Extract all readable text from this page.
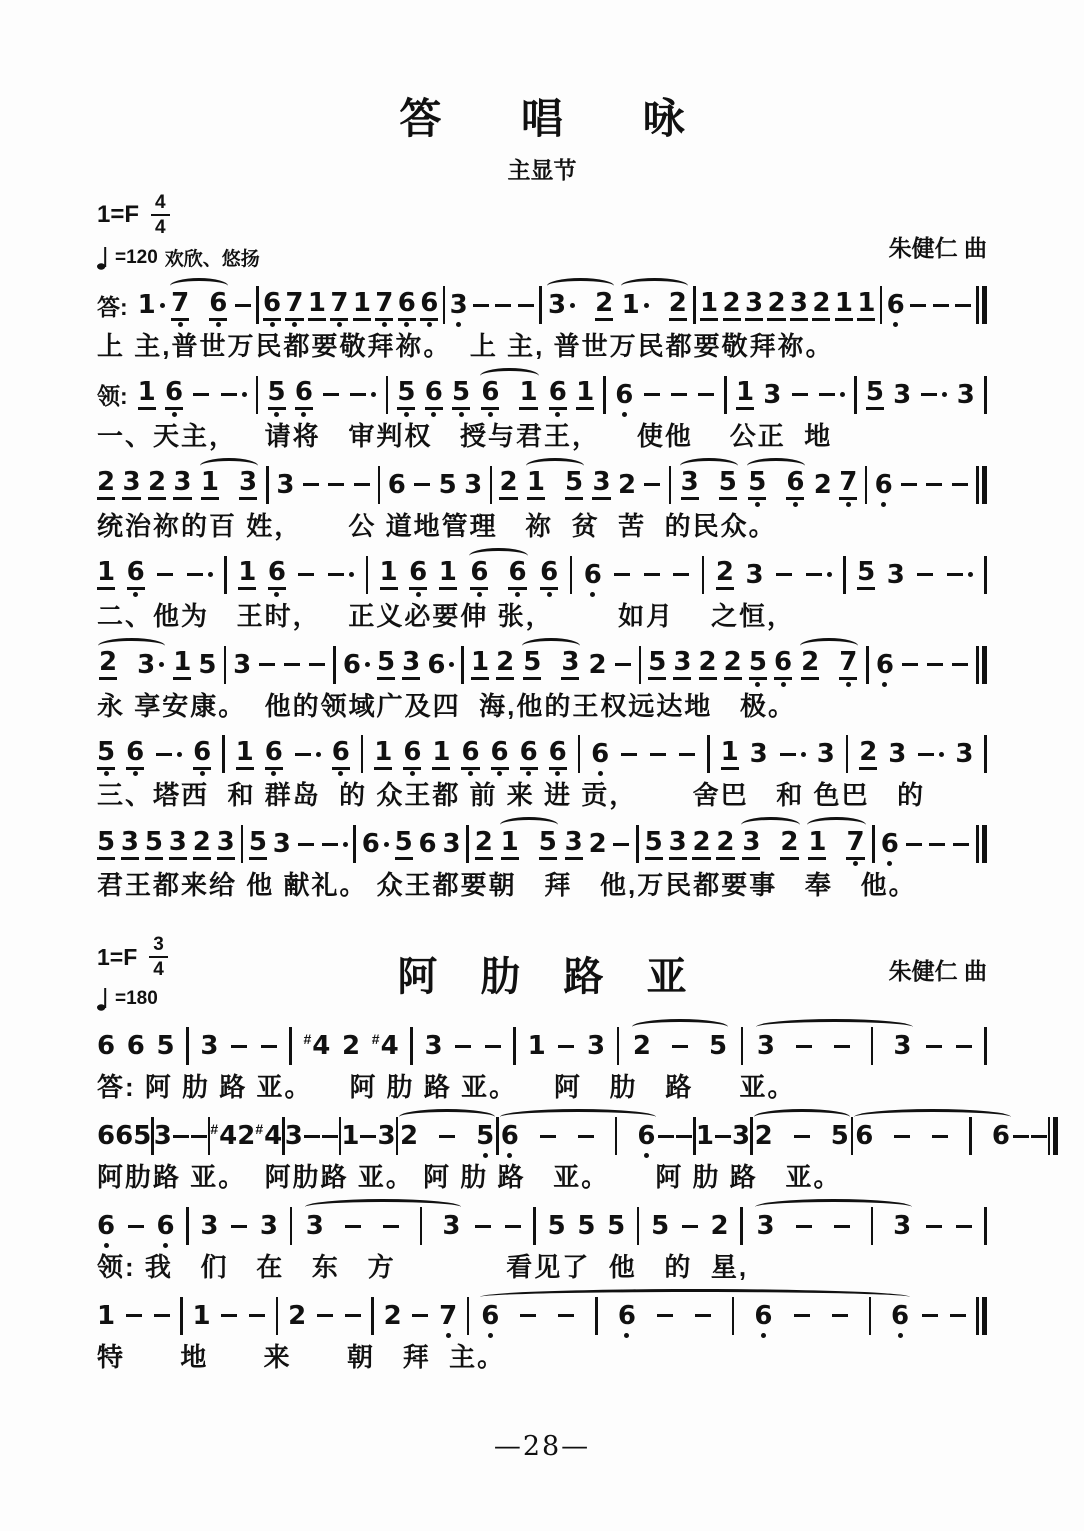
答 唱 咏
主显节
$1=F \frac{4}{4}$
=120 欢欣、悠扬	朱健仁 曲
答: 1 7 6 6 7 1 7 1 7 6 6 3	3 2 1 2 1 2 3 2 3 2 1 1 6
上 主,普世万民都要敬拜祢。  上 主, 普世万民都要敬拜祢。
领: 1 6	5 6	5 6 5 6 1 6 1 6	1 3	5 3 3
一、天主，   请将   审判权   授与君王，    使他    公正  地
2 3 2 3 1 3 3	6 5 3 2 1 5 3 2 3 5 5 6 2 7 6
统治祢的百 姓，     公 道地管理   祢  贫  苦  的民众。
1 6	1 6	1 6 1 6 6 6 6	2 3	5 3
二、他为   王时，   正义必要伸 张，       如月    之恒，
2 3 1 5 3	6 5 3 6 1 2 5 3 2 5 3 2 2 5 6 2 7 6
永 享安康。  他的领域广及四  海,他的王权远达地   极。
5 6 6 1 6 6 1 6 1 6 6 6 6 6	1 3 3 2 3 3
三、塔西  和 群岛  的 众王都 前 来 进 贡，      舍巴   和 色巴   的
5 3 5 3 2 3 5 3	6 5 6 3 2 1 5 3 2 5 3 2 2 3 2 1 7 6
君王都来给 他 献礼。 众王都要朝   拜   他,万民都要事   奉   他。
$1=F \frac{3}{4}$
=180	阿 肋 路 亚	朱健仁 曲
6 6 5 3	# 4 2 # 4 3	1 3 2 5 3	3
答: 阿 肋 路 亚。    阿 肋 路 亚。    阿   肋   路     亚。
6 6 5 3	# 4 2 # 4 3 1 3 2 5 6	6 1 3 2 5 6	6
阿肋路 亚。  阿肋路 亚。 阿 肋 路   亚。     阿 肋 路   亚。
6 6 3 3 3	3	5 5 5 5 2 3	3
领: 我   们   在   东   方            看见了  他   的  星,
1	1	2	2 7 6	6	6	6
特      地      来      朝   拜  主。
—28—
